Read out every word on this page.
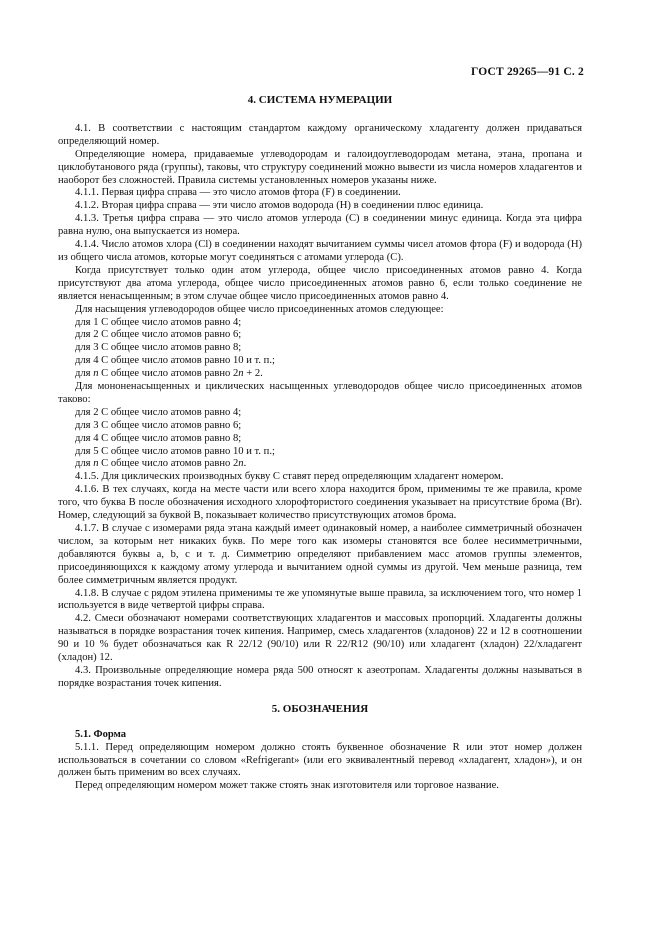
ГОСТ 29265—91 С. 2
4. СИСТЕМА НУМЕРАЦИИ

4.1. В соответствии с настоящим стандартом каждому органическому хладагенту должен придаваться определяющий номер.

Определяющие номера, придаваемые углеводородам и галоидоуглеводородам метана, этана, пропана и циклобутанового ряда (группы), таковы, что структуру соединений можно вывести из числа номеров хладагентов и наоборот без сложностей. Правила системы установленных номеров указаны ниже.

4.1.1. Первая цифра справа — это число атомов фтора (F) в соединении.

4.1.2. Вторая цифра справа — эти число атомов водорода (H) в соединении плюс единица.

4.1.3. Третья цифра справа — это число атомов углерода (C) в соединении минус единица. Когда эта цифра равна нулю, она выпускается из номера.

4.1.4. Число атомов хлора (Cl) в соединении находят вычитанием суммы чисел атомов фтора (F) и водорода (H) из общего числа атомов, которые могут соединяться с атомами углерода (C).

Когда присутствует только один атом углерода, общее число присоединенных атомов равно 4. Когда присутствуют два атома углерода, общее число присоединенных атомов равно 6, если только соединение не является ненасыщенным; в этом случае общее число присоединенных атомов равно 4.

Для насыщения углеводородов общее число присоединенных атомов следующее:

для 1 С общее число атомов равно 4;

для 2 С общее число атомов равно 6;

для 3 С общее число атомов равно 8;

для 4 С общее число атомов равно 10 и т. п.;

для n С общее число атомов равно 2n + 2.

Для мононенасыщенных и циклических насыщенных углеводородов общее число присоединенных атомов таково:

для 2 С общее число атомов равно 4;

для 3 С общее число атомов равно 6;

для 4 С общее число атомов равно 8;

для 5 С общее число атомов равно 10 и т. п.;

для n С общее число атомов равно 2n.

4.1.5. Для циклических производных букву С ставят перед определяющим хладагент номером.

4.1.6. В тех случаях, когда на месте части или всего хлора находится бром, применимы те же правила, кроме того, что буква В после обозначения исходного хлорофтористого соединения указывает на присутствие брома (Br). Номер, следующий за буквой В, показывает количество присутствующих атомов брома.

4.1.7. В случае с изомерами ряда этана каждый имеет одинаковый номер, а наиболее симметричный обозначен числом, за которым нет никаких букв. По мере того как изомеры становятся все более несимметричными, добавляются буквы a, b, c и т. д. Симметрию определяют прибавлением масс атомов группы элементов, присоединяющихся к каждому атому углерода и вычитанием одной суммы из другой. Чем меньше разница, тем более симметричным является продукт.

4.1.8. В случае с рядом этилена применимы те же упомянутые выше правила, за исключением того, что номер 1 используется в виде четвертой цифры справа.

4.2. Смеси обозначают номерами соответствующих хладагентов и массовых пропорций. Хладагенты должны называться в порядке возрастания точек кипения. Например, смесь хладагентов (хладонов) 22 и 12 в соотношении 90 и 10 % будет обозначаться как R 22/12 (90/10) или R 22/R12 (90/10) или хладагент (хладон) 22/хладагент (хладон) 12.

4.3. Произвольные определяющие номера ряда 500 относят к азеотропам. Хладагенты должны называться в порядке возрастания точек кипения.

5. ОБОЗНАЧЕНИЯ

5.1. Форма

5.1.1. Перед определяющим номером должно стоять буквенное обозначение R или этот номер должен использоваться в сочетании со словом «Refrigerant» (или его эквивалентный перевод «хладагент, хладон»), и он должен быть применим во всех случаях.

Перед определяющим номером может также стоять знак изготовителя или торговое название.
